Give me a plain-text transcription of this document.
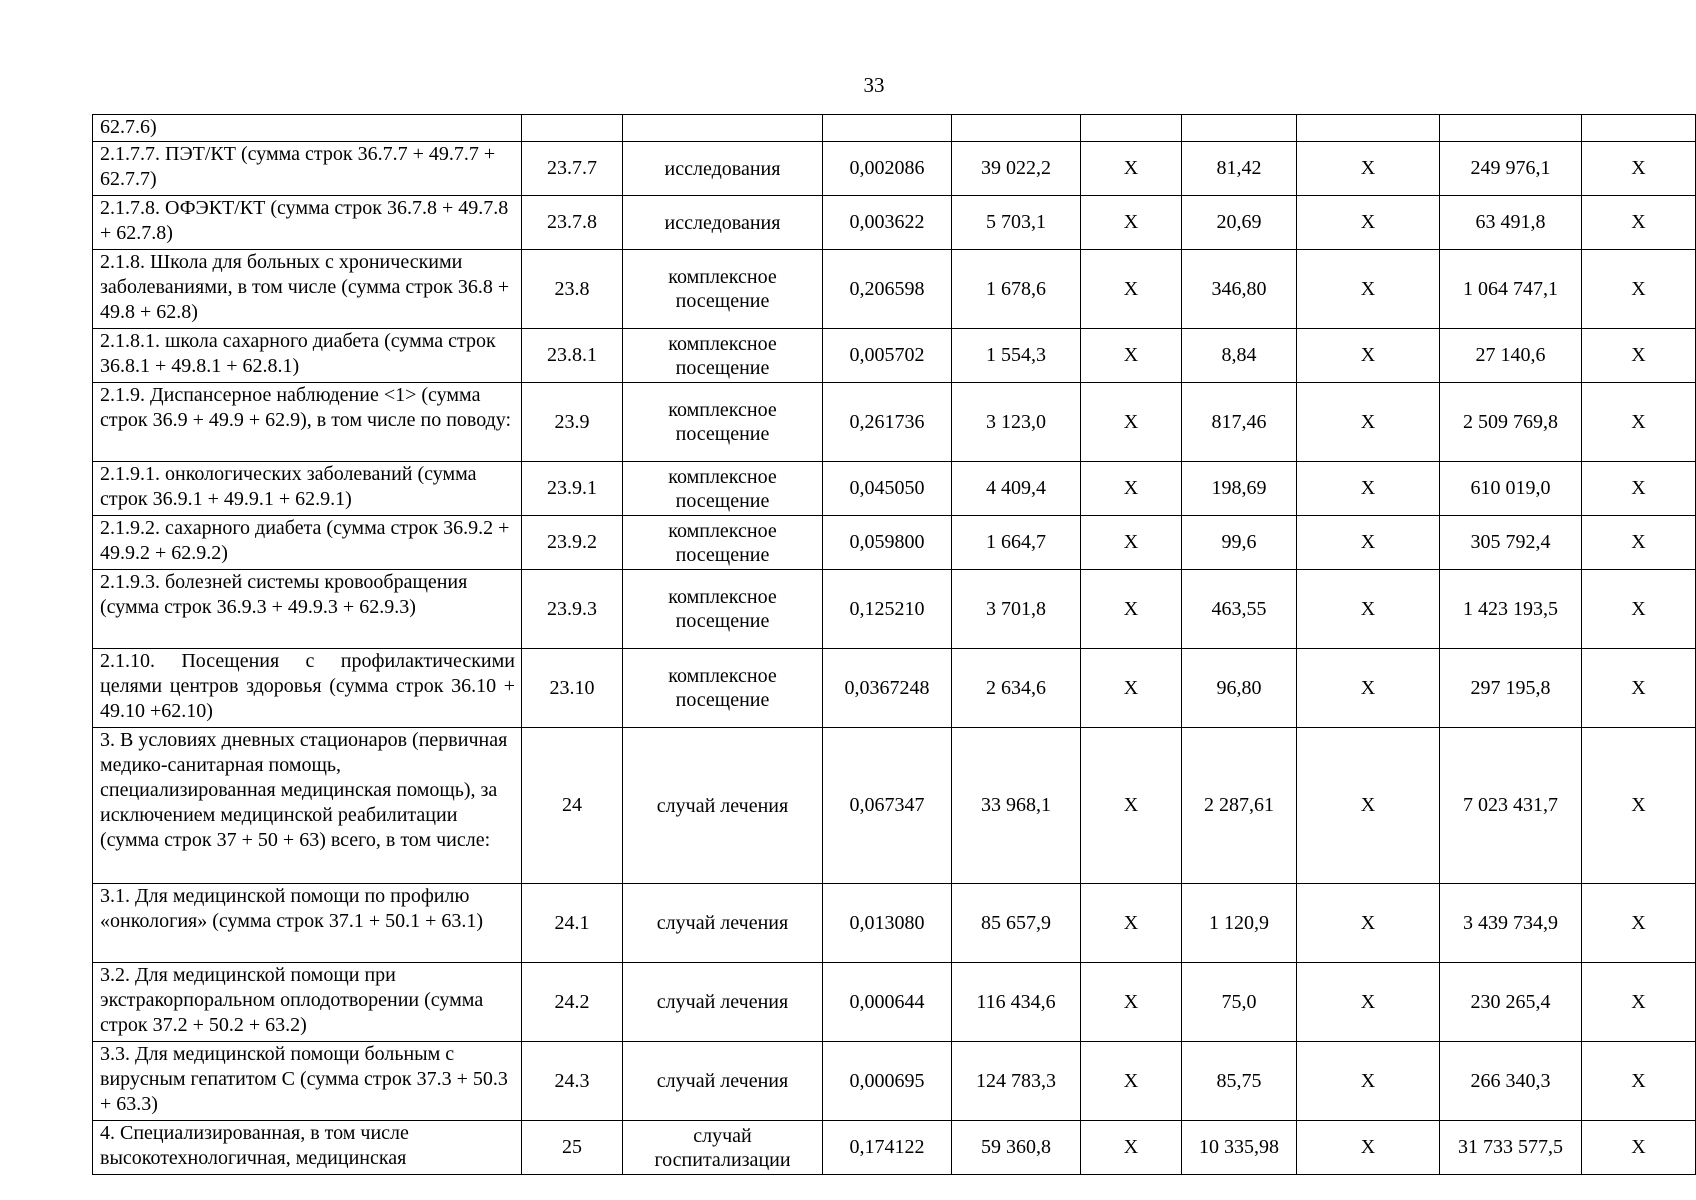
33
62.7.6)									
2.1.7.7. ПЭТ/КТ (сумма строк 36.7.7 + 49.7.7 + 62.7.7)	23.7.7	исследования	0,002086	39 022,2	X	81,42	X	249 976,1	X
2.1.7.8. ОФЭКТ/КТ (сумма строк 36.7.8 + 49.7.8 + 62.7.8)	23.7.8	исследования	0,003622	5 703,1	X	20,69	X	63 491,8	X
2.1.8. Школа для больных с хроническими заболеваниями, в том числе (сумма строк 36.8 + 49.8 + 62.8)	23.8	комплексное посещение	0,206598	1 678,6	X	346,80	X	1 064 747,1	X
2.1.8.1. школа сахарного диабета (сумма строк 36.8.1 + 49.8.1 + 62.8.1)	23.8.1	комплексное посещение	0,005702	1 554,3	X	8,84	X	27 140,6	X
2.1.9. Диспансерное наблюдение <1> (сумма строк 36.9 + 49.9 + 62.9), в том числе по поводу:	23.9	комплексное посещение	0,261736	3 123,0	X	817,46	X	2 509 769,8	X
2.1.9.1. онкологических заболеваний (сумма строк 36.9.1 + 49.9.1 + 62.9.1)	23.9.1	комплексное посещение	0,045050	4 409,4	X	198,69	X	610 019,0	X
2.1.9.2. сахарного диабета (сумма строк 36.9.2 + 49.9.2 + 62.9.2)	23.9.2	комплексное посещение	0,059800	1 664,7	X	99,6	X	305 792,4	X
2.1.9.3. болезней системы кровообращения (сумма строк 36.9.3 + 49.9.3 + 62.9.3)	23.9.3	комплексное посещение	0,125210	3 701,8	X	463,55	X	1 423 193,5	X
2.1.10. Посещения с профилактическими целями центров здоровья (сумма строк 36.10 + 49.10 +62.10)	23.10	комплексное посещение	0,0367248	2 634,6	X	96,80	X	297 195,8	X
3. В условиях дневных стационаров (первичная медико-санитарная помощь, специализированная медицинская помощь), за исключением медицинской реабилитации (сумма строк 37 + 50 + 63) всего, в том числе:	24	случай лечения	0,067347	33 968,1	X	2 287,61	X	7 023 431,7	X
3.1. Для медицинской помощи по профилю «онкология» (сумма строк 37.1 + 50.1 + 63.1)	24.1	случай лечения	0,013080	85 657,9	X	1 120,9	X	3 439 734,9	X
3.2. Для медицинской помощи при экстракорпоральном оплодотворении (сумма строк 37.2 + 50.2 + 63.2)	24.2	случай лечения	0,000644	116 434,6	X	75,0	X	230 265,4	X
3.3. Для медицинской помощи больным с вирусным гепатитом С (сумма строк 37.3 + 50.3 + 63.3)	24.3	случай лечения	0,000695	124 783,3	X	85,75	X	266 340,3	X
4. Специализированная, в том числе высокотехнологичная, медицинская	25	случай госпитализации	0,174122	59 360,8	X	10 335,98	X	31 733 577,5	X
